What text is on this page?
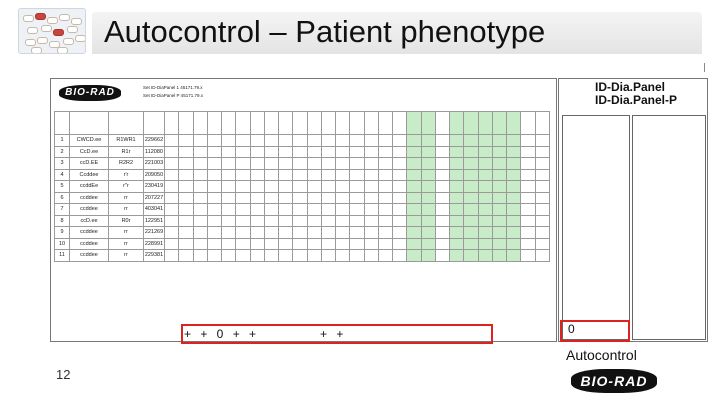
Autocontrol – Patient phenotype
BIO-RAD	Set ID-DiaPanel 1 45171.79.x
Set ID-DiaPanel P 45171.79.x

1	CWCD.ee	R1WR1	229662																											
2	CcD.ee	R1r	112080																											
3	ccD.EE	R2R2	221003																											
4	Ccddee	r'r	209050																											
5	ccddEe	r''r	230419																											
6	ccddee	rr	207227																											
7	ccddee	rr	403041																											
8	ccD.ee	R0r	122951																											
9	ccddee	rr	221269																											
10	ccddee	rr	228991																											
11	ccddee	rr	229381																											
ID-Dia.Panel
ID-Dia.Panel-P
+ + 0 + +	+ +	0
Autocontrol
12	BIO-RAD
